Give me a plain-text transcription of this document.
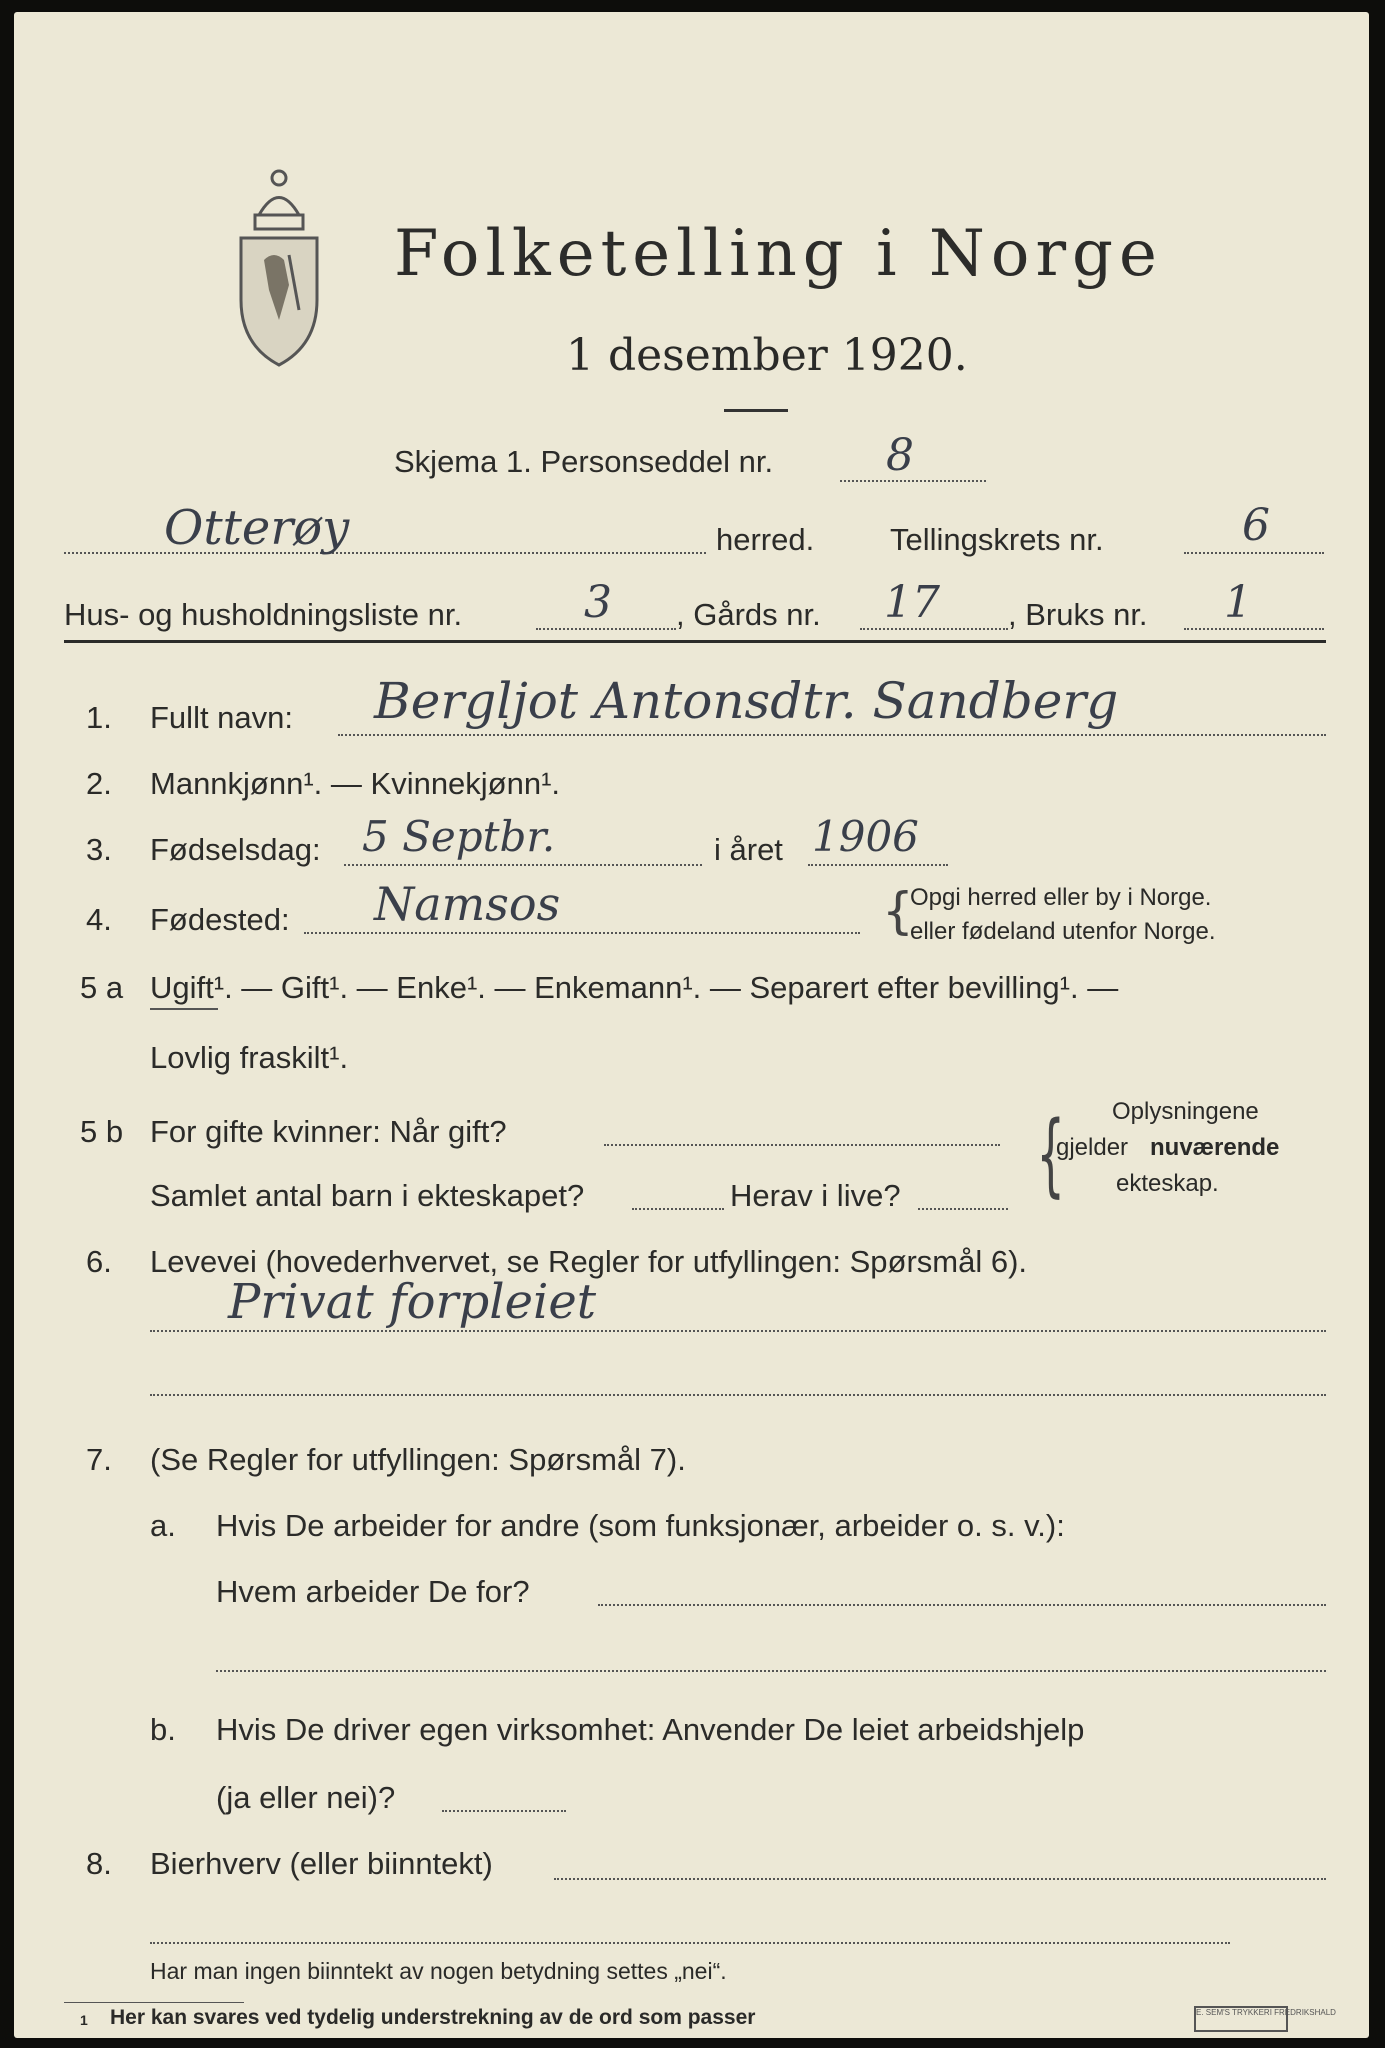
Folketelling i Norge
1 desember 1920.
Skjema 1. Personseddel nr.	8
Otterøy	herred. Tellingskrets nr.	6
Hus- og husholdningsliste nr.	3 , Gårds nr. 17 , Bruks nr. 1
1. Fullt navn: Bergljot Antonsdtr. Sandberg
2. Mannkjønn¹. — Kvinnekjønn¹.
3. Fødselsdag: 5 Septbr.	i året 1906
4. Fødested: Namsos	{
Opgi herred eller by i Norge.
eller fødeland utenfor Norge.
5 a Ugift¹. — Gift¹. — Enke¹. — Enkemann¹. — Separert efter bevilling¹. —
Lovlig fraskilt¹.
5 b For gifte kvinner: Når gift?
Samlet antal barn i ekteskapet?	Herav i live? { Oplysningene
gjelder nuværende
ekteskap.
6. Levevei (hovederhvervet, se Regler for utfyllingen: Spørsmål 6).
Privat forpleiet
7. (Se Regler for utfyllingen: Spørsmål 7).
a. Hvis De arbeider for andre (som funksjonær, arbeider o. s. v.):
Hvem arbeider De for?
b. Hvis De driver egen virksomhet: Anvender De leiet arbeidshjelp
(ja eller nei)?
8. Bierhverv (eller biinntekt)
Har man ingen biinntekt av nogen betydning settes „nei“.
1 Her kan svares ved tydelig understrekning av de ord som passer	E. SEM'S TRYKKERI FREDRIKSHALD
